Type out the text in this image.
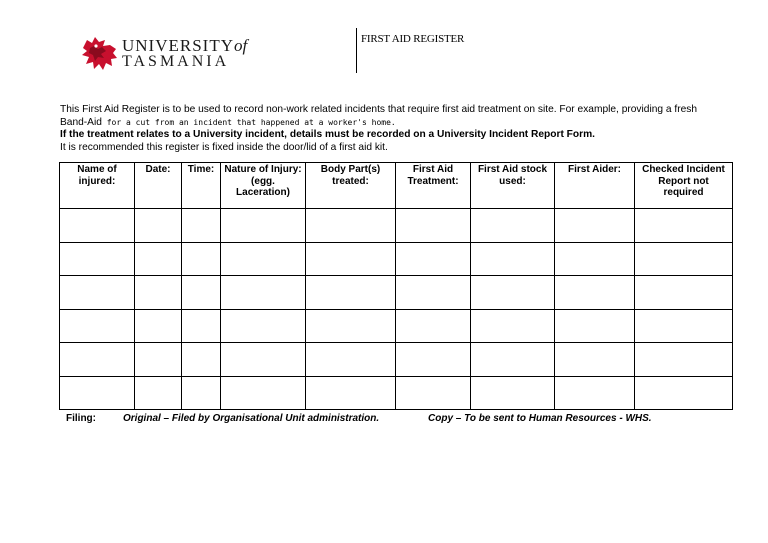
UNIVERSITYof
TASMANIA
FIRST AID REGISTER

This First Aid Register is to be used to record non-work related incidents that require first aid treatment on site. For example, providing a fresh

Band-Aid for a cut from an incident that happened at a worker's home.

If the treatment relates to a University incident, details must be recorded on a University Incident Report Form.

It is recommended this register is fixed inside the door/lid of a first aid kit.

Name of injured:	Date:	Time:	Nature of Injury: (egg. Laceration)	Body Part(s) treated:	First Aid Treatment:	First Aid stock used:	First Aider:	Checked Incident Report not required

Filing:	Original – Filed by Organisational Unit administration.	Copy – To be sent to Human Resources - WHS.
